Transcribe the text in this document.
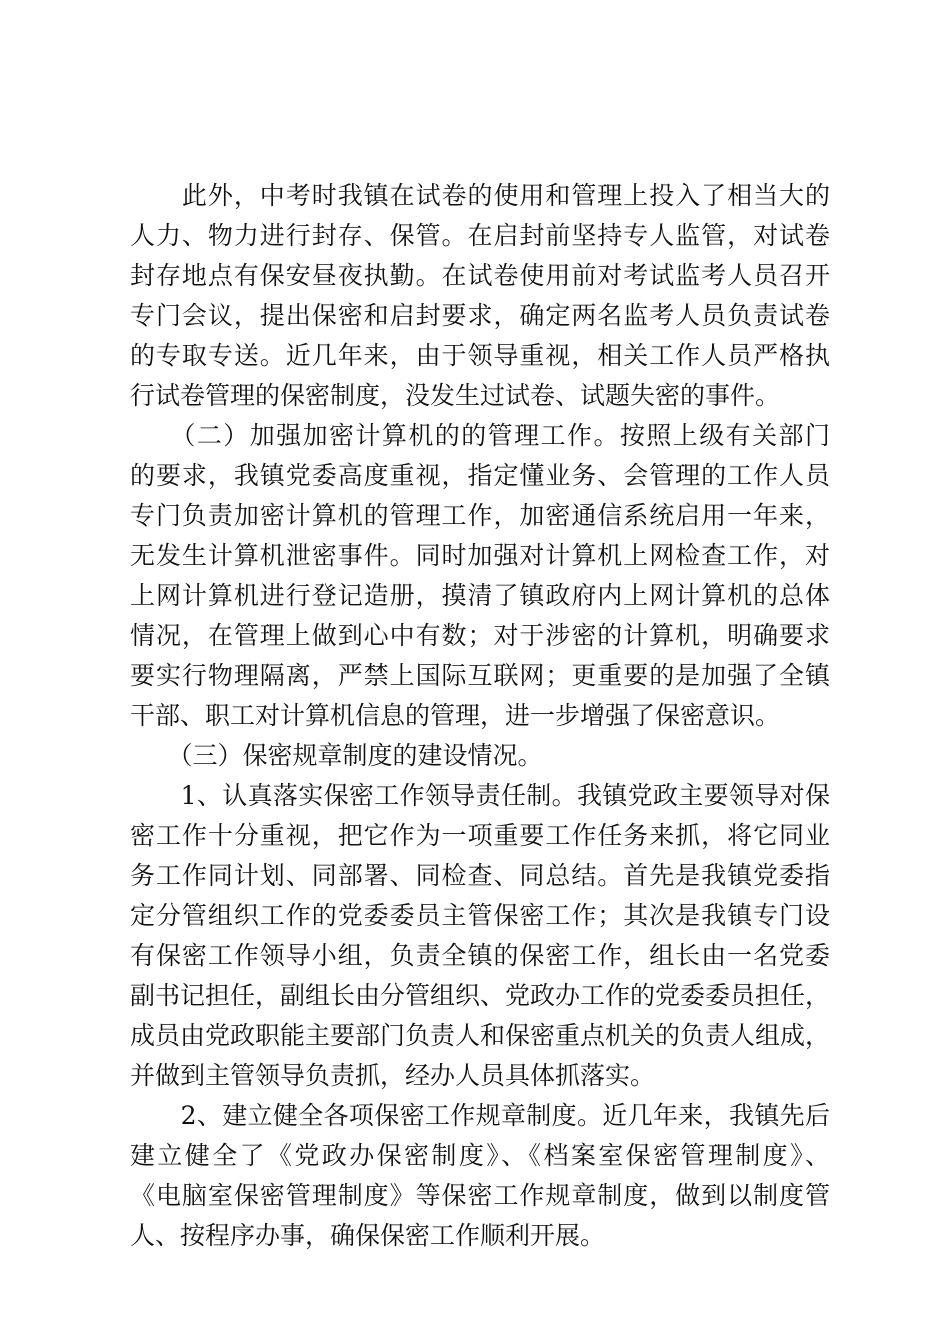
　　此外，中考时我镇在试卷的使用和管理上投入了相当大的
人力、物力进行封存、保管。在启封前坚持专人监管，对试卷
封存地点有保安昼夜执勤。在试卷使用前对考试监考人员召开
专门会议，提出保密和启封要求，确定两名监考人员负责试卷
的专取专送。近几年来，由于领导重视，相关工作人员严格执
行试卷管理的保密制度，没发生过试卷、试题失密的事件。
　　（二）加强加密计算机的的管理工作。按照上级有关部门
的要求，我镇党委高度重视，指定懂业务、会管理的工作人员
专门负责加密计算机的管理工作，加密通信系统启用一年来，
无发生计算机泄密事件。同时加强对计算机上网检查工作，对
上网计算机进行登记造册，摸清了镇政府内上网计算机的总体
情况，在管理上做到心中有数；对于涉密的计算机，明确要求
要实行物理隔离，严禁上国际互联网；更重要的是加强了全镇
干部、职工对计算机信息的管理，进一步增强了保密意识。
　　（三）保密规章制度的建设情况。
　　1、认真落实保密工作领导责任制。我镇党政主要领导对保
密工作十分重视，把它作为一项重要工作任务来抓，将它同业
务工作同计划、同部署、同检查、同总结。首先是我镇党委指
定分管组织工作的党委委员主管保密工作；其次是我镇专门设
有保密工作领导小组，负责全镇的保密工作，组长由一名党委
副书记担任，副组长由分管组织、党政办工作的党委委员担任，
成员由党政职能主要部门负责人和保密重点机关的负责人组成，
并做到主管领导负责抓，经办人员具体抓落实。
　　2、建立健全各项保密工作规章制度。近几年来，我镇先后
建立健全了《党政办保密制度》、《档案室保密管理制度》、
《电脑室保密管理制度》等保密工作规章制度，做到以制度管
人、按程序办事，确保保密工作顺利开展。
